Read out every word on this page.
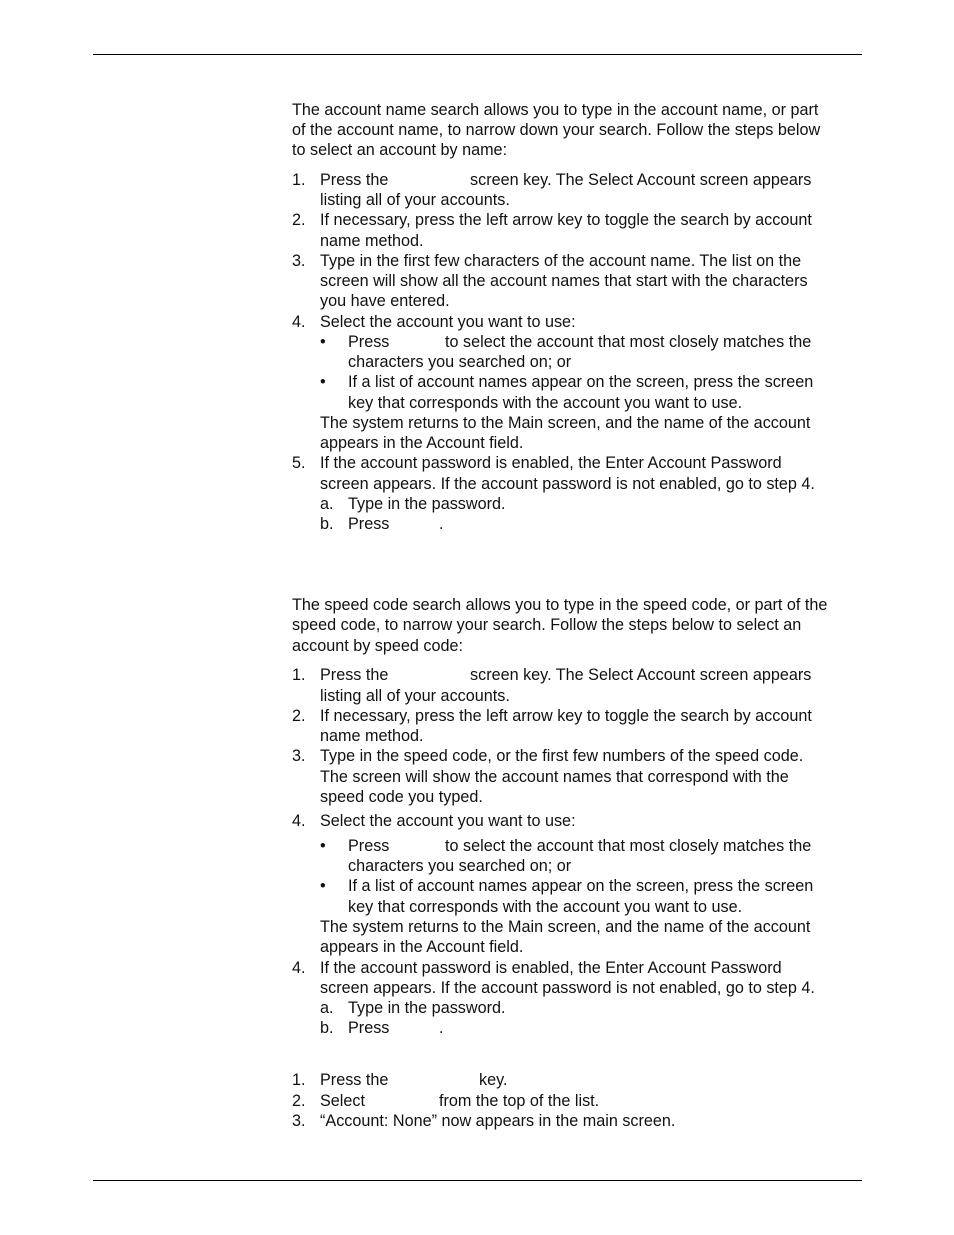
The account name search allows you to type in the account name, or part
of the account name, to narrow down your search. Follow the steps below
to select an account by name:
1. Press the	screen key. The Select Account screen appears
listing all of your accounts.
2. If necessary, press the left arrow key to toggle the search by account
name method.
3. Type in the first few characters of the account name. The list on the
screen will show all the account names that start with the characters
you have entered.
4. Select the account you want to use:
• Press	to select the account that most closely matches the
characters you searched on; or
• If a list of account names appear on the screen, press the screen
key that corresponds with the account you want to use.
The system returns to the Main screen, and the name of the account
appears in the Account field.
5. If the account password is enabled, the Enter Account Password
screen appears. If the account password is not enabled, go to step 4.
a. Type in the password.
b. Press	.
The speed code search allows you to type in the speed code, or part of the
speed code, to narrow your search. Follow the steps below to select an
account by speed code:
1. Press the	screen key. The Select Account screen appears
listing all of your accounts.
2. If necessary, press the left arrow key to toggle the search by account
name method.
3. Type in the speed code, or the first few numbers of the speed code.
The screen will show the account names that correspond with the
speed code you typed.
4. Select the account you want to use:
• Press	to select the account that most closely matches the
characters you searched on; or
• If a list of account names appear on the screen, press the screen
key that corresponds with the account you want to use.
The system returns to the Main screen, and the name of the account
appears in the Account field.
4. If the account password is enabled, the Enter Account Password
screen appears. If the account password is not enabled, go to step 4.
a. Type in the password.
b. Press	.
1. Press the	key.
2. Select	from the top of the list.
3. “Account: None” now appears in the main screen.
